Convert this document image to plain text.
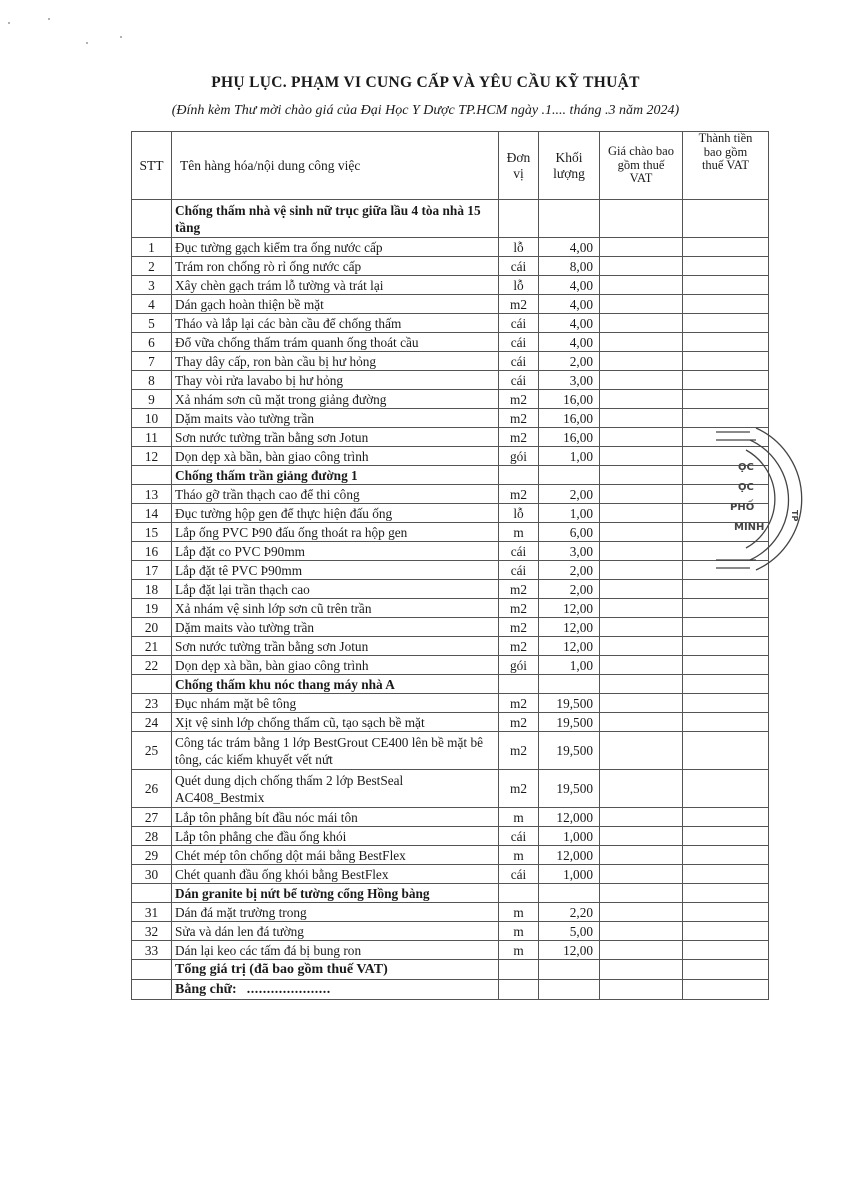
PHỤ LỤC. PHẠM VI CUNG CẤP VÀ YÊU CẦU KỸ THUẬT
(Đính kèm Thư mời chào giá của Đại Học Y Dược TP.HCM ngày .1.... tháng .3 năm 2024)
STT	Tên hàng hóa/nội dung công việc	Đơn vị	Khối lượng	Giá chào bao gồm thuế VAT	Thành tiền bao gồm thuế VAT

	Chống thấm nhà vệ sinh nữ trục giữa lầu 4 tòa nhà 15 tầng				
1	Đục tường gạch kiểm tra ống nước cấp	lỗ	4,00		
2	Trám ron chống rò rỉ ống nước cấp	cái	8,00		
3	Xây chèn gạch trám lỗ tường và trát lại	lỗ	4,00		
4	Dán gạch hoàn thiện bề mặt	m2	4,00		
5	Tháo và lắp lại các bàn cầu để chống thấm	cái	4,00		
6	Đổ vữa chống thấm trám quanh ống thoát cầu	cái	4,00		
7	Thay dây cấp, ron bàn cầu bị hư hỏng	cái	2,00		
8	Thay vòi rửa lavabo bị hư hỏng	cái	3,00		
9	Xả nhám sơn cũ mặt trong giảng đường	m2	16,00		
10	Dặm maits vào tường trần	m2	16,00		
11	Sơn nước tường trần bằng sơn Jotun	m2	16,00		
12	Dọn dẹp xà bần, bàn giao công trình	gói	1,00		
	Chống thấm trần giảng đường 1				
13	Tháo gỡ trần thạch cao để thi công	m2	2,00		
14	Đục tường hộp gen để thực hiện đấu ống	lỗ	1,00		
15	Lắp ống PVC Þ90 đấu ống thoát ra hộp gen	m	6,00		
16	Lắp đặt co PVC Þ90mm	cái	3,00		
17	Lắp đặt tê PVC Þ90mm	cái	2,00		
18	Lắp đặt lại trần thạch cao	m2	2,00		
19	Xả nhám vệ sinh lớp sơn cũ trên trần	m2	12,00		
20	Dặm maits vào tường trần	m2	12,00		
21	Sơn nước tường trần bằng sơn Jotun	m2	12,00		
22	Dọn dẹp xà bần, bàn giao công trình	gói	1,00		
	Chống thấm khu nóc thang máy nhà A				
23	Đục nhám mặt bê tông	m2	19,500		
24	Xịt vệ sinh lớp chống thấm cũ, tạo sạch bề mặt	m2	19,500		
25	Công tác trám bằng 1 lớp BestGrout CE400 lên bề mặt bê tông, các kiếm khuyết vết nứt	m2	19,500		
26	Quét dung dịch chống thấm 2 lớp BestSeal AC408_Bestmix	m2	19,500		
27	Lắp tôn phẳng bít đầu nóc mái tôn	m	12,000		
28	Lắp tôn phẳng che đầu ống khói	cái	1,000		
29	Chét mép tôn chống dột mái bằng BestFlex	m	12,000		
30	Chét quanh đầu ống khói bằng BestFlex	cái	1,000		
	Dán granite bị nứt bể tường cổng Hồng bàng				
31	Dán đá mặt trường trong	m	2,20		
32	Sửa và dán len đá tường	m	5,00		
33	Dán lại keo các tấm đá bị bung ron	m	12,00		
	Tổng giá trị (đã bao gồm thuế VAT)				
	Bằng chữ: .....................				
ỌC
ỌC
PHỐ
MINH
TP
